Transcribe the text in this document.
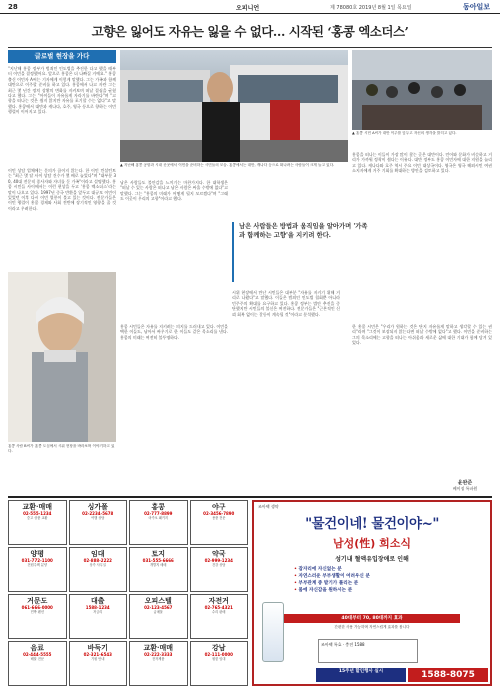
28	오피니언	제 78080호 2019년 8월 1일 목요일	동아일보
고향은 잃어도 자유는 잃을 수 없다… 시작된 ‘홍콩 엑소더스’
글로벌 현장을 가다
"지난해 홍콩 정부가 범죄인 인도법을 추진한 다고 했을 때부터 이민을 결정했어요. 앞으로 홍콩은 더 나빠질 거예요." 홍콩 출신 이민자 A씨는 기자에게 이렇게 말했다. 그는 가족과 함께 대만으로 이주할 준비를 하고 있다. 홍콩에서 나고 자란 그는 최근 몇 년간 정치 상황의 변화를 지켜보며 떠날 결심을 굳혔다고 했다. 그는 "아이들이 자유롭게 자라기를 바란다"며 "고향을 떠나는 것은 쉽지 않지만 자유를 포기할 수는 없다"고 말했다. 홍콩에서 대만과 캐나다, 호주, 영국 등으로 향하는 이민 행렬이 이어지고 있다.
이민 상담 업체에는 문의가 끊이지 않는다. 한 이민 컨설턴트는 "최근 몇 달 사이 상담 건수가 몇 배로 늘었다"며 "대부분 30, 40대 전문직 종사자와 자녀를 둔 가족"이라고 설명했다. 홍콩 시민들 사이에서는 이런 현상을 두고 ‘홍콩 엑소더스’라는 말이 나오고 있다. 1997년 중국 반환을 앞두고 대규모 이민이 있었던 이후 다시 이민 열풍이 불고 있는 것이다. 전문가들은 이민 행렬이 홍콩 경제와 사회 전반에 장기적인 영향을 줄 것이라고 우려한다.
▲ 지난해 홍콩 공항과 시내 곳곳에서 이민을 준비하는 시민들의 모습. 홍콩에서는 대만, 캐나다 등으로 떠나려는 사람들이 크게 늘고 있다.
▲ 홍콩 시민 A씨가 대만 이주를 앞두고 자신의 생각을 밝히고 있다.
남은 사람들도 불안감을 느끼기는 마찬가지다. 한 대학생은 "떠날 수 있는 사람은 떠나고 남은 사람은 싸울 수밖에 없다"고 말했다. 그는 "홍콩의 미래가 어떻게 될지 모르겠다"며 "그래도 이곳이 우리의 고향"이라고 했다.
남은 사람들은 방법과 움직임을 알아가며 '가족과 함께하는 고향'을 지키려 한다.
시위 현장에서 만난 시민들은 대부분 "자유를 지키기 위해 거리로 나왔다"고 말했다. 이들은 범죄인 인도법 철회뿐 아니라 민주주의 확대를 요구하고 있다. 홍콩 정부는 법안 추진을 중단했지만 시민들의 불신은 여전하다. 전문가들은 "근본적인 신뢰 회복 없이는 갈등이 계속될 것"이라고 분석했다.
홍콩 시민들은 자유를 지키려는 의지를 드러내고 있다. 이민을 택한 이들도, 남아서 싸우기로 한 이들도 같은 목소리를 낸다. 홍콩의 미래는 여전히 불투명하다.
홍콩을 떠나는 이들이 가장 많이 찾는 곳은 대만이다. 언어와 문화가 비슷하고 거리가 가까워 정착이 쉽다는 이유다. 대만 정부도 홍콩 이민자에 대한 지원을 늘리고 있다. 캐나다와 호주 역시 주요 이민 대상국이다. 영국은 영국 해외시민 여권 소지자에게 거주 기회를 확대하는 방안을 검토하고 있다.
한 홍콩 시민은 "우리가 원하는 것은 단지 자유롭게 말하고 생각할 수 있는 권리"라며 "그것이 보장되지 않는다면 떠날 수밖에 없다"고 했다. 이민을 준비하는 그의 목소리에는 고향을 떠나는 아쉬움과 새로운 삶에 대한 기대가 함께 담겨 있었다.
홍콩 사람 B씨가 홍콩 도심에서 시위 현장을 바라보며 이야기하고 있다.
윤완준
베이징 특파원
교환·매매
02-555-1234
중고 상품 교환
싱가폴
02-2234-5678
여행 상담
홍콩
02-777-8899
마카오 패키지
야구
02-3456-7890
용품 전문
양평
031-772-1100
전원주택 분양
임대
02-888-2222
상가 사무실
토지
031-555-6666
개발지 매매
약국
02-999-1234
건강 상담
거문도
061-666-0000
민박 펜션
대출
1588-1234
저금리
오피스텔
02-123-4567
급매물
자전거
02-765-4321
수리 판매
음료
02-444-5555
배달 전문
바둑기
02-321-6543
기원 안내
교환·매매
02-222-3333
전자제품
강남
02-111-0000
원룸 임대
조아팩 생약
"물건이네! 물건이야~"
남성(性) 희소식
성기내 혈액유입장애로 인해
• 잠자리에 자신없는 분
• 자연스러운 부부생활이 어려우신 분
• 부부관계 중 발기가 풀리는 분
• 몸에 자신감을 원하시는 분
40대부터 70, 80대까지 효과
간편한 사용 가능하며 자연스럽게 효과를 봅니다
조아팩 특효 · 충전 1588
15주년 할인행사 실시	1588-8075
